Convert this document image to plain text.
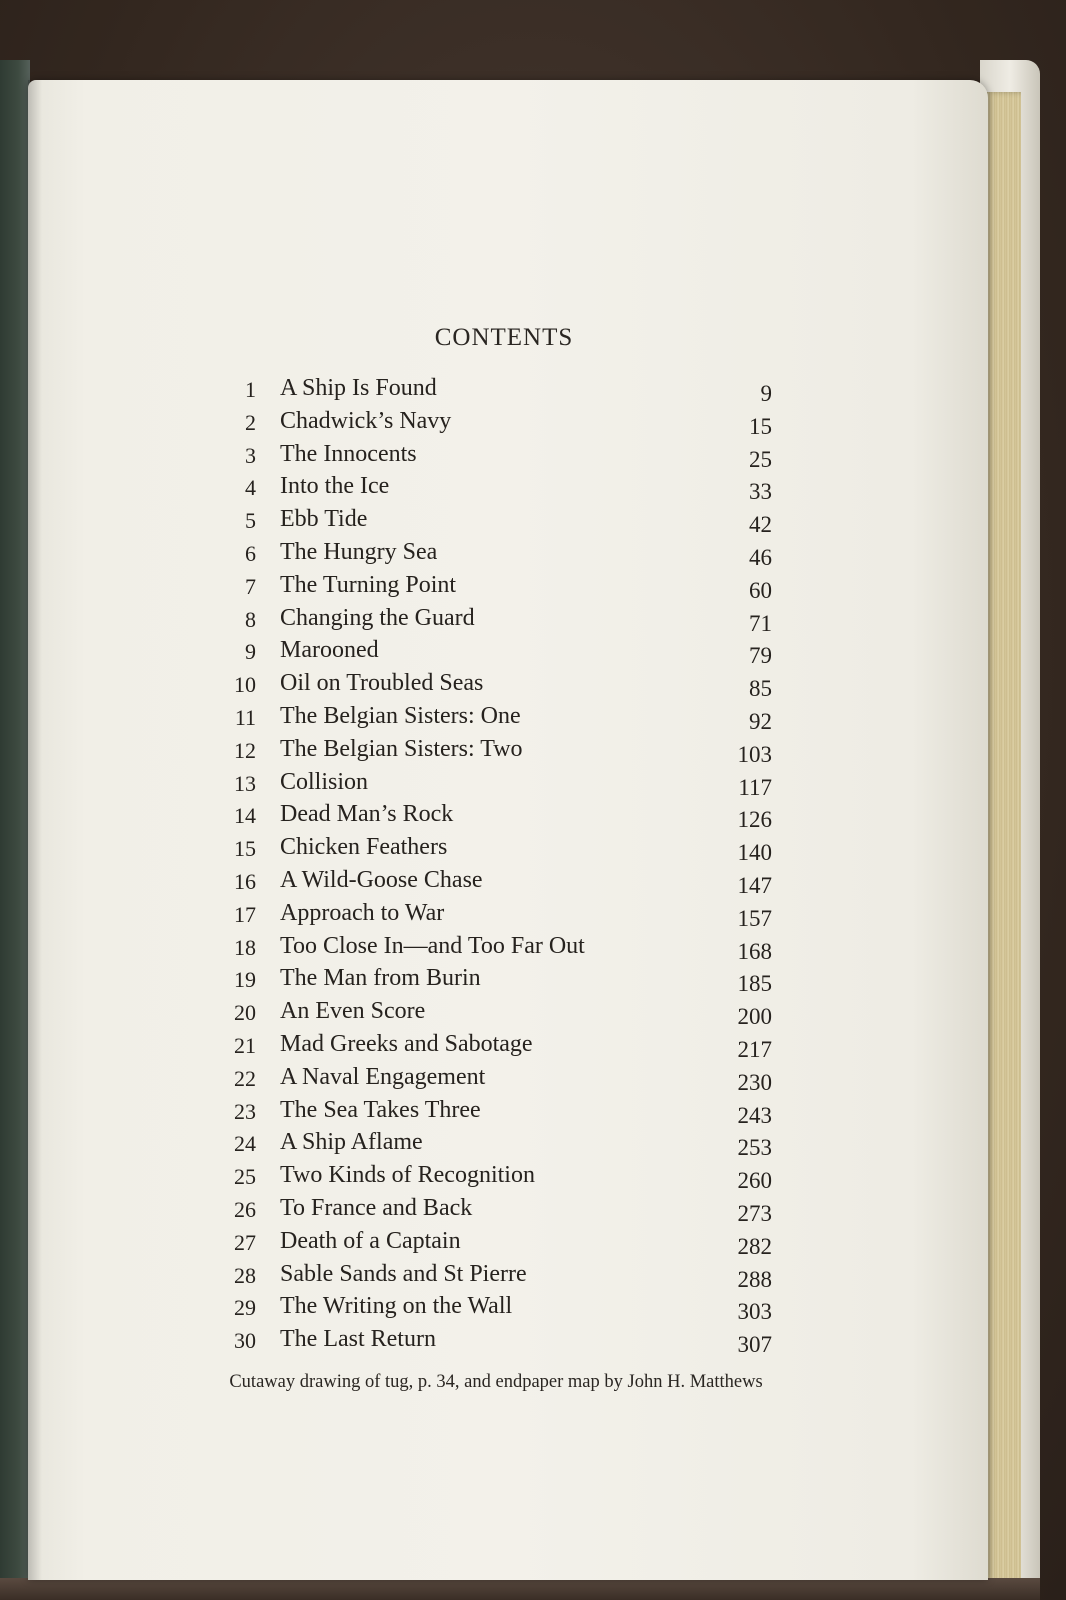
CONTENTS
1 A Ship Is Found	9
2 Chadwick’s Navy	15
3 The Innocents	25
4 Into the Ice	33
5 Ebb Tide	42
6 The Hungry Sea	46
7 The Turning Point	60
8 Changing the Guard	71
9 Marooned	79
10 Oil on Troubled Seas	85
11 The Belgian Sisters: One	92
12 The Belgian Sisters: Two	103
13 Collision	117
14 Dead Man’s Rock	126
15 Chicken Feathers	140
16 A Wild-Goose Chase	147
17 Approach to War	157
18 Too Close In—and Too Far Out	168
19 The Man from Burin	185
20 An Even Score	200
21 Mad Greeks and Sabotage	217
22 A Naval Engagement	230
23 The Sea Takes Three	243
24 A Ship Aflame	253
25 Two Kinds of Recognition	260
26 To France and Back	273
27 Death of a Captain	282
28 Sable Sands and St Pierre	288
29 The Writing on the Wall	303
30 The Last Return	307
Cutaway drawing of tug, p. 34, and endpaper map by John H. Matthews
